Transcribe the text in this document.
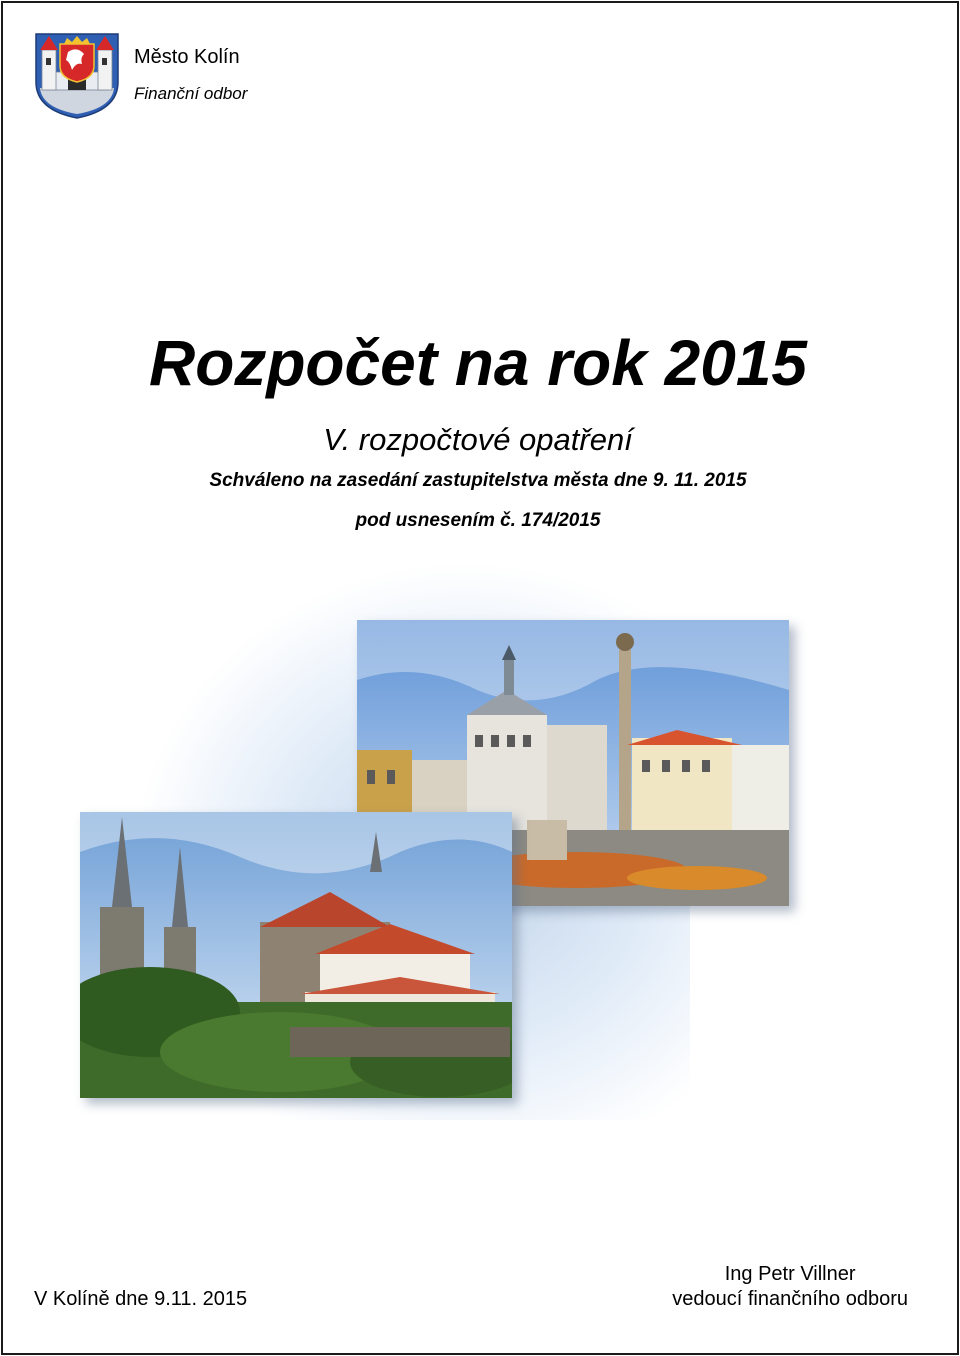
Město Kolín
Finanční odbor
Rozpočet na rok 2015
V. rozpočtové opatření
Schváleno na zasedání zastupitelstva města dne 9. 11. 2015
pod usnesením č. 174/2015
V Kolíně dne 9.11. 2015
Ing Petr Villner
vedoucí finančního odboru
